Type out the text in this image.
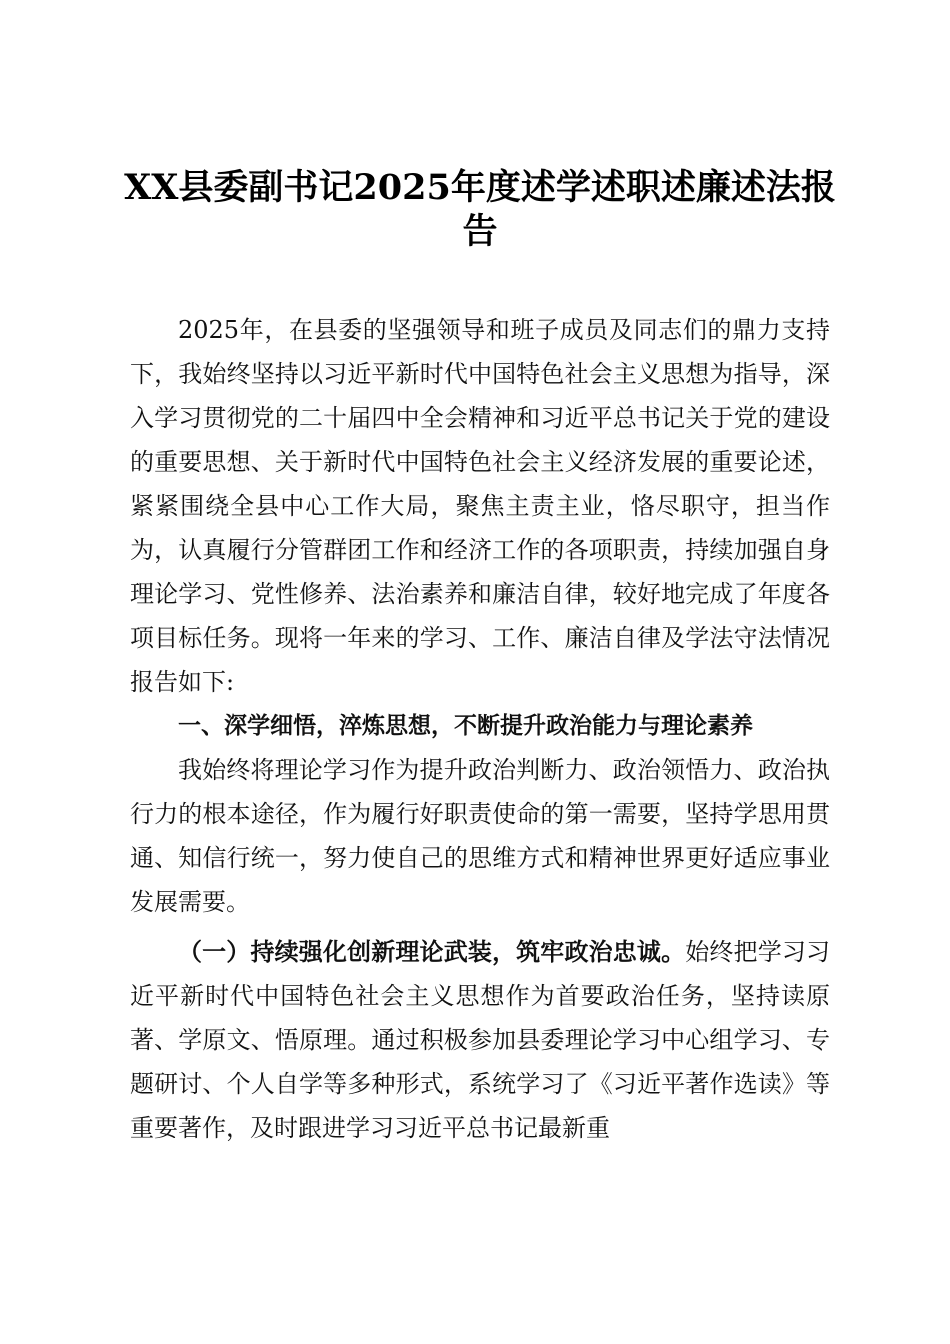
XX县委副书记2025年度述学述职述廉述法报告

2025年，在县委的坚强领导和班子成员及同志们的鼎力支持下，我始终坚持以习近平新时代中国特色社会主义思想为指导，深入学习贯彻党的二十届四中全会精神和习近平总书记关于党的建设的重要思想、关于新时代中国特色社会主义经济发展的重要论述，紧紧围绕全县中心工作大局，聚焦主责主业，恪尽职守，担当作为，认真履行分管群团工作和经济工作的各项职责，持续加强自身理论学习、党性修养、法治素养和廉洁自律，较好地完成了年度各项目标任务。现将一年来的学习、工作、廉洁自律及学法守法情况报告如下:

一、深学细悟，淬炼思想，不断提升政治能力与理论素养

我始终将理论学习作为提升政治判断力、政治领悟力、政治执行力的根本途径，作为履行好职责使命的第一需要，坚持学思用贯通、知信行统一，努力使自己的思维方式和精神世界更好适应事业发展需要。

（一）持续强化创新理论武装，筑牢政治忠诚。始终把学习习近平新时代中国特色社会主义思想作为首要政治任务，坚持读原著、学原文、悟原理。通过积极参加县委理论学习中心组学习、专题研讨、个人自学等多种形式，系统学习了《习近平著作选读》等重要著作，及时跟进学习习近平总书记最新重
